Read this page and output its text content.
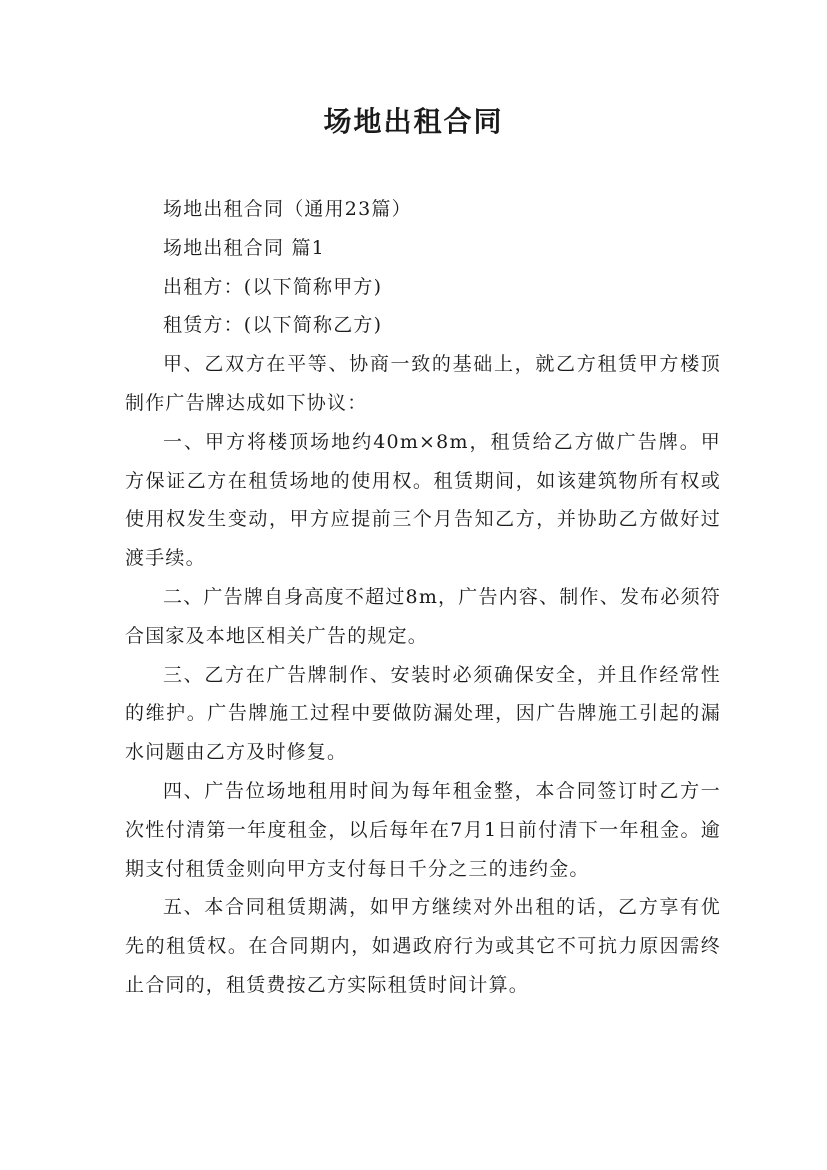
场地出租合同

场地出租合同（通用23篇）

场地出租合同 篇1

出租方：(以下简称甲方)

租赁方：(以下简称乙方)

甲、乙双方在平等、协商一致的基础上，就乙方租赁甲方楼顶制作广告牌达成如下协议：

一、甲方将楼顶场地约40m×8m，租赁给乙方做广告牌。甲方保证乙方在租赁场地的使用权。租赁期间，如该建筑物所有权或使用权发生变动，甲方应提前三个月告知乙方，并协助乙方做好过渡手续。

二、广告牌自身高度不超过8m，广告内容、制作、发布必须符合国家及本地区相关广告的规定。

三、乙方在广告牌制作、安装时必须确保安全，并且作经常性的维护。广告牌施工过程中要做防漏处理，因广告牌施工引起的漏水问题由乙方及时修复。

四、广告位场地租用时间为每年租金整，本合同签订时乙方一次性付清第一年度租金，以后每年在7月1日前付清下一年租金。逾期支付租赁金则向甲方支付每日千分之三的违约金。

五、本合同租赁期满，如甲方继续对外出租的话，乙方享有优先的租赁权。在合同期内，如遇政府行为或其它不可抗力原因需终止合同的，租赁费按乙方实际租赁时间计算。
